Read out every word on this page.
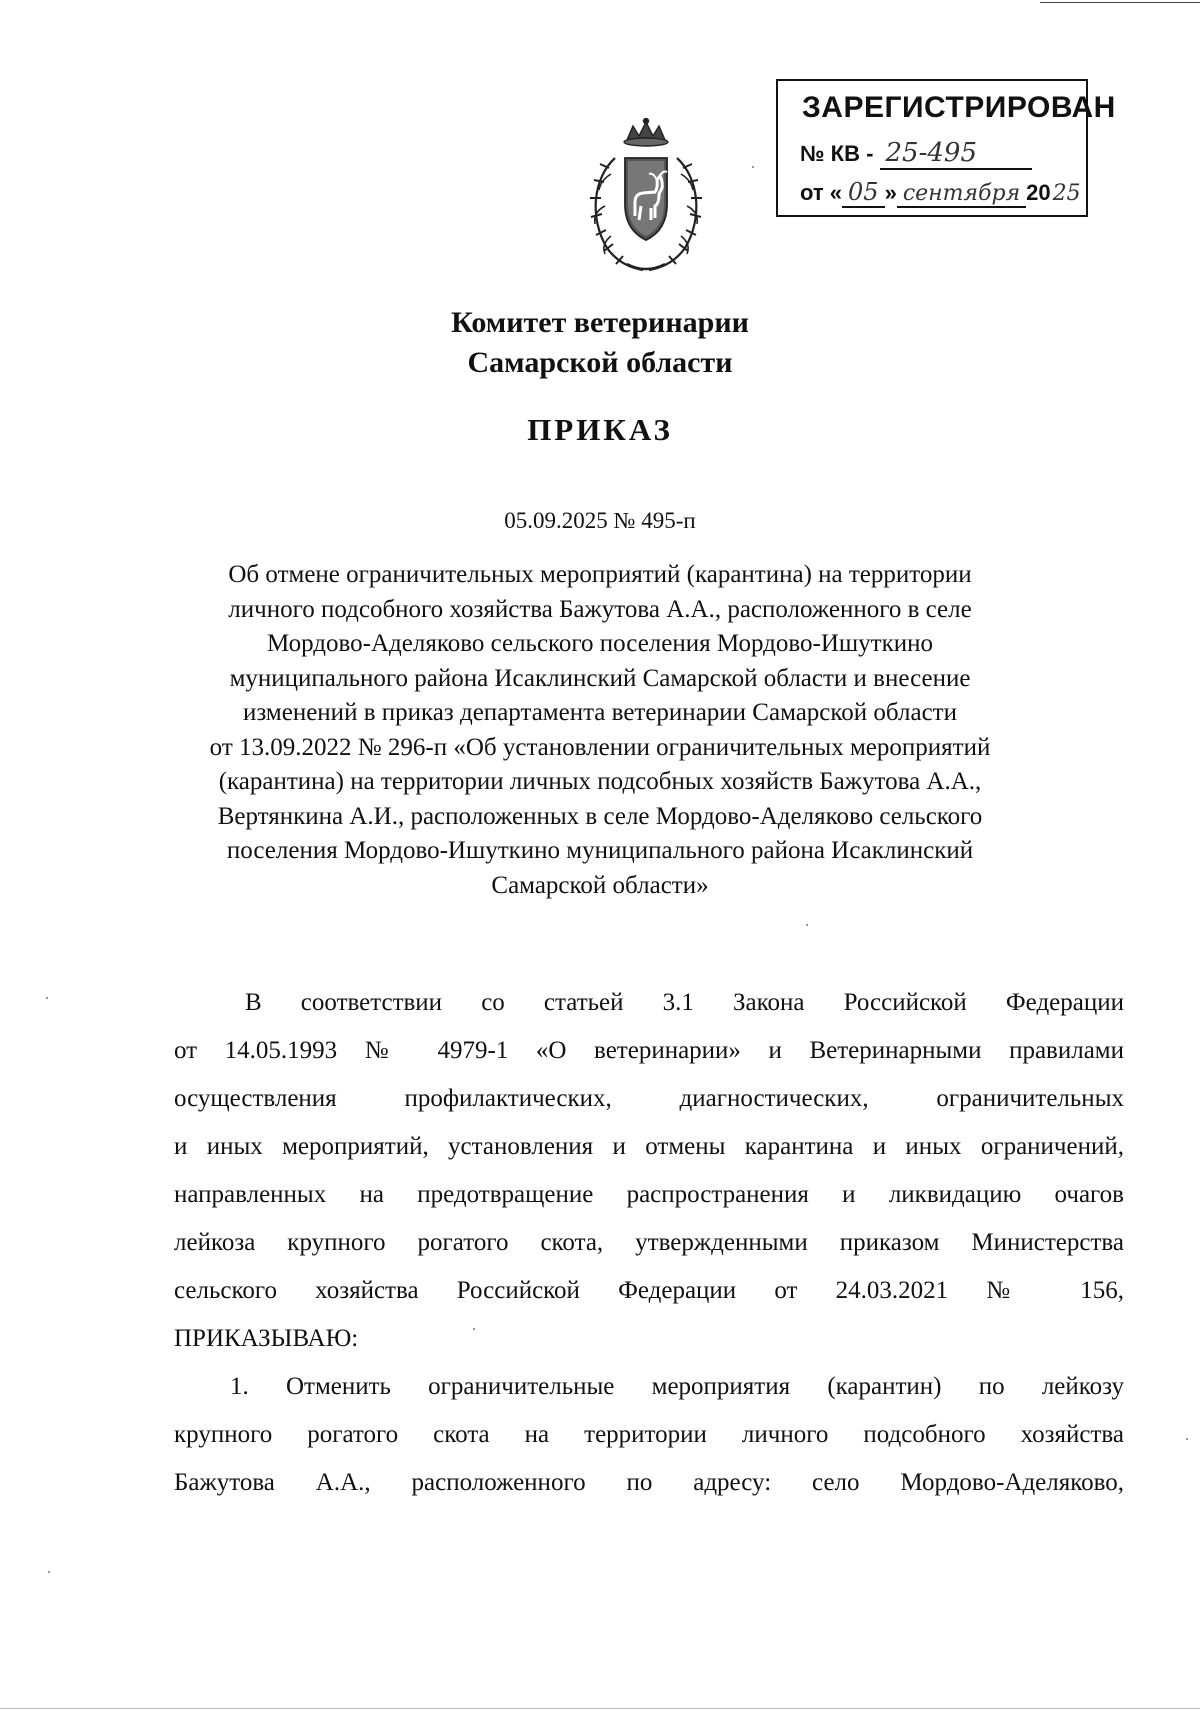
ЗАРЕГИСТРИРОВАН
№ КВ - 25-495
от « 05 » сентября 2025
Комитет ветеринарии
Самарской области
ПРИКАЗ
05.09.2025 № 495-п
Об отмене ограничительных мероприятий (карантина) на территории
личного подсобного хозяйства Бажутова А.А., расположенного в селе
Мордово-Аделяково сельского поселения Мордово-Ишуткино
муниципального района Исаклинский Самарской области и внесение
изменений в приказ департамента ветеринарии Самарской области
от 13.09.2022 № 296-п «Об установлении ограничительных мероприятий
(карантина) на территории личных подсобных хозяйств Бажутова А.А.,
Вертянкина А.И., расположенных в селе Мордово-Аделяково сельского
поселения Мордово-Ишуткино муниципального района Исаклинский
Самарской области»
В соответствии со статьей 3.1 Закона Российской Федерации
от 14.05.1993 № 4979-1 «О ветеринарии» и Ветеринарными правилами
осуществления профилактических, диагностических, ограничительных
и иных мероприятий, установления и отмены карантина и иных ограничений,
направленных на предотвращение распространения и ликвидацию очагов
лейкоза крупного рогатого скота, утвержденными приказом Министерства
сельского хозяйства Российской Федерации от 24.03.2021 № 156,
ПРИКАЗЫВАЮ:
1. Отменить ограничительные мероприятия (карантин) по лейкозу
крупного рогатого скота на территории личного подсобного хозяйства
Бажутова А.А., расположенного по адресу: село Мордово-Аделяково,
